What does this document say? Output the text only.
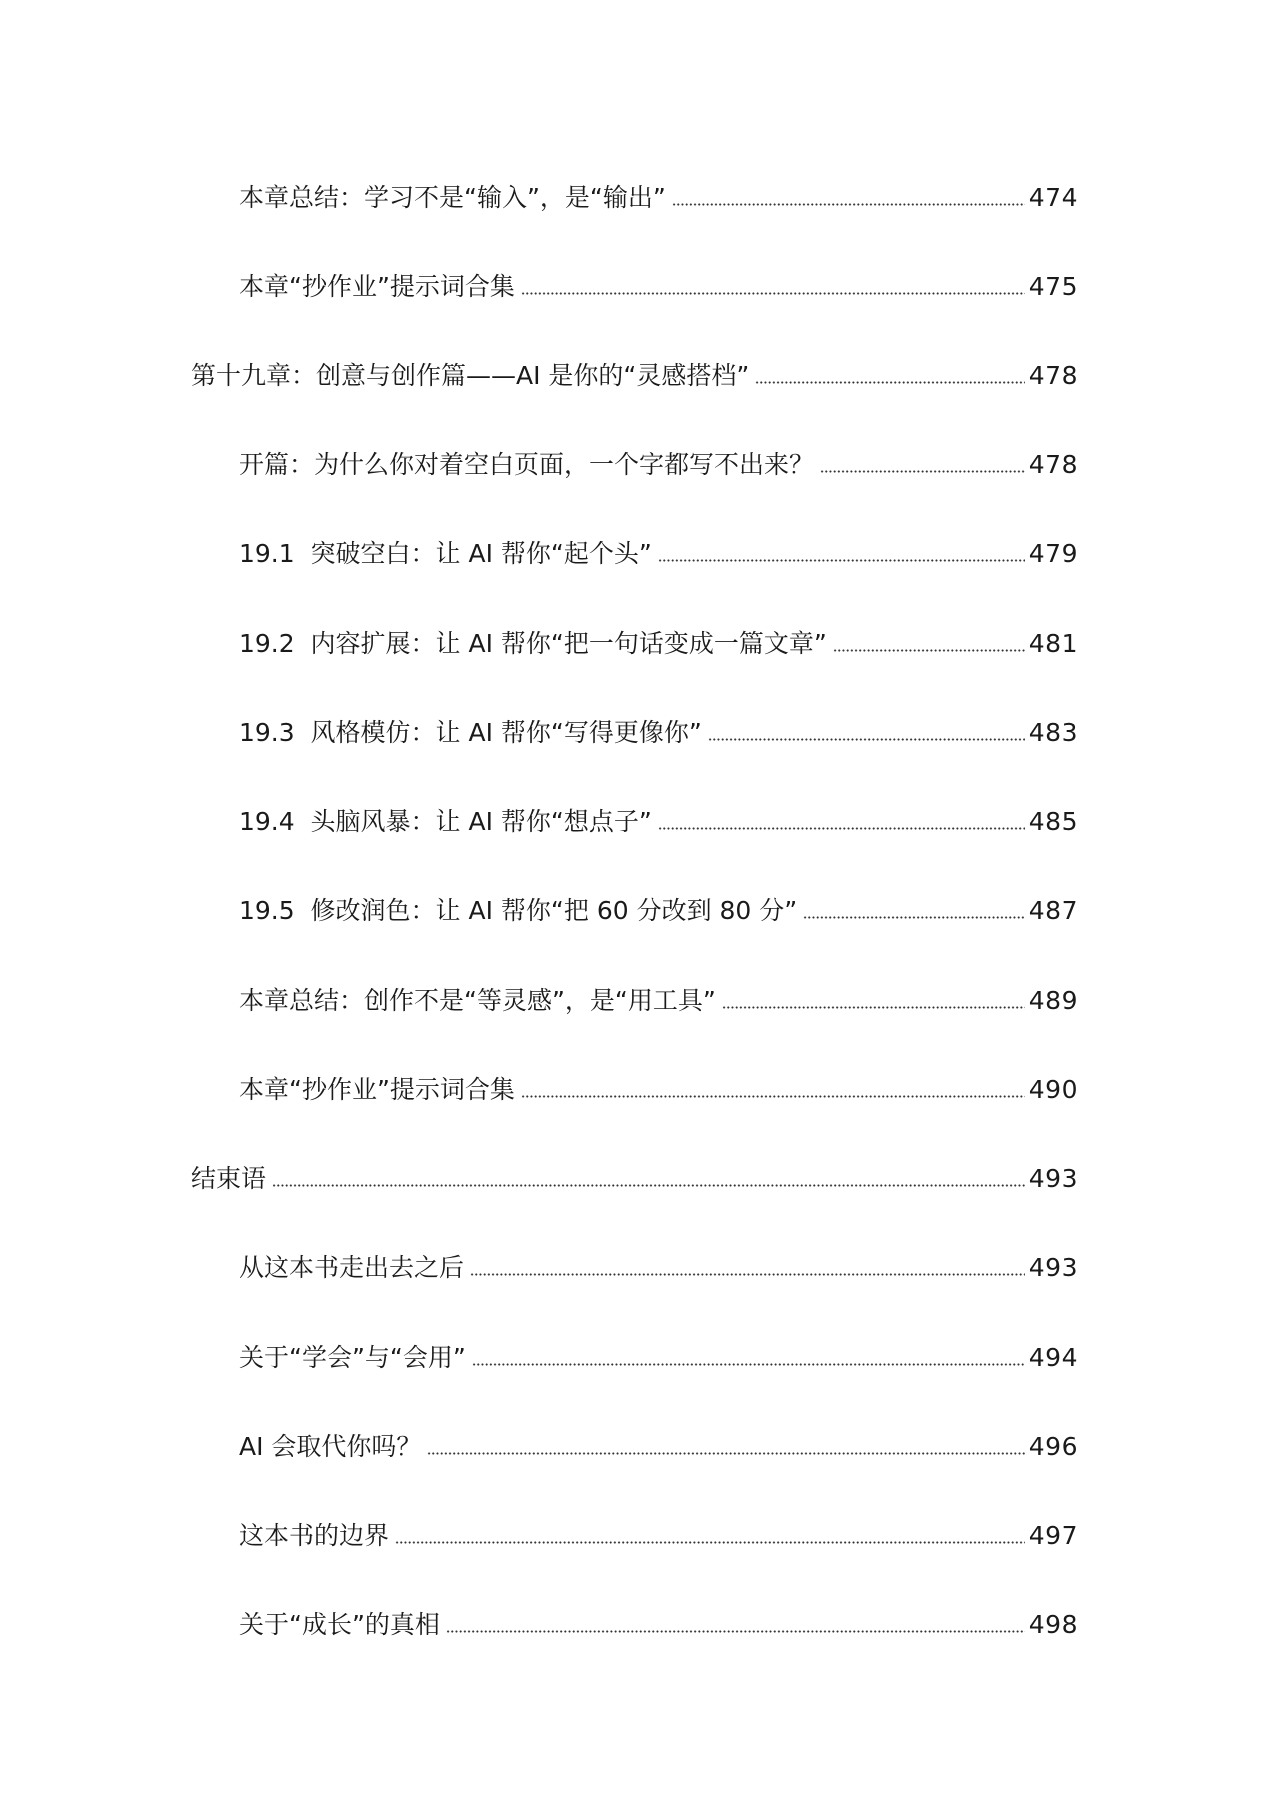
本章总结：学习不是“输入”，是“输出”	474
本章“抄作业”提示词合集	475
第十九章：创意与创作篇——AI 是你的“灵感搭档”	478
开篇：为什么你对着空白页面，一个字都写不出来？	478
19.1  突破空白：让 AI 帮你“起个头”	479
19.2  内容扩展：让 AI 帮你“把一句话变成一篇文章”	481
19.3  风格模仿：让 AI 帮你“写得更像你”	483
19.4  头脑风暴：让 AI 帮你“想点子”	485
19.5  修改润色：让 AI 帮你“把 60 分改到 80 分”	487
本章总结：创作不是“等灵感”，是“用工具”	489
本章“抄作业”提示词合集	490
结束语	493
从这本书走出去之后	493
关于“学会”与“会用”	494
AI 会取代你吗？	496
这本书的边界	497
关于“成长”的真相	498
